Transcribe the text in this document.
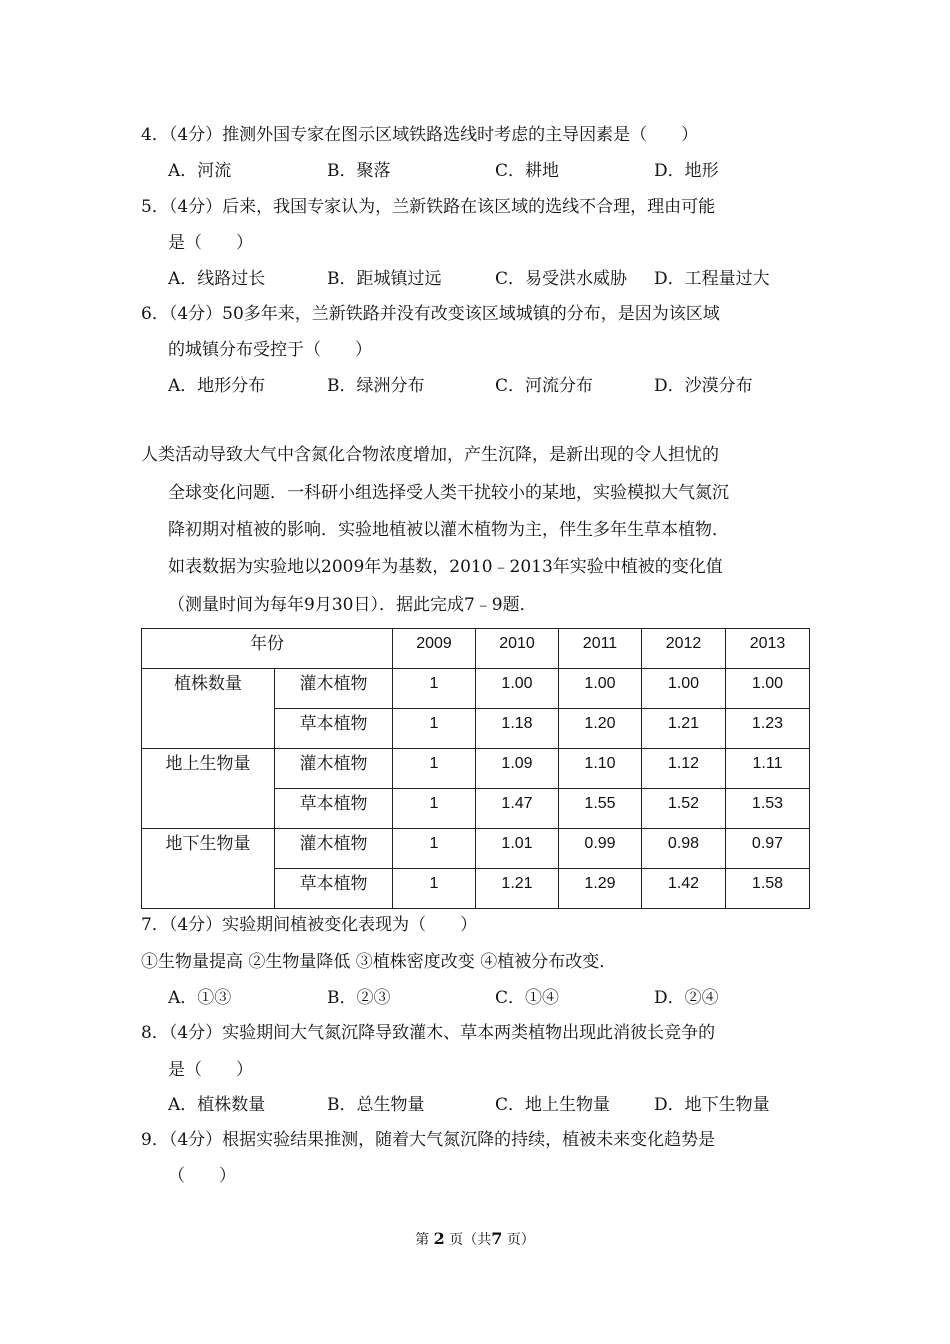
4．（4分）推测外国专家在图示区域铁路选线时考虑的主导因素是（　　）
A．河流	B．聚落	C．耕地	D．地形
5．（4分）后来，我国专家认为，兰新铁路在该区域的选线不合理，理由可能
是（　　）
A．线路过长	B．距城镇过远	C．易受洪水威胁 D．工程量过大
6．（4分）50多年来，兰新铁路并没有改变该区域城镇的分布，是因为该区域
的城镇分布受控于（　　）
A．地形分布	B．绿洲分布	C．河流分布	D．沙漠分布
人类活动导致大气中含氮化合物浓度增加，产生沉降，是新出现的令人担忧的
全球变化问题．一科研小组选择受人类干扰较小的某地，实验模拟大气氮沉
降初期对植被的影响．实验地植被以灌木植物为主，伴生多年生草本植物．
如表数据为实验地以2009年为基数，2010﹣2013年实验中植被的变化值
（测量时间为每年9月30日）．据此完成7﹣9题．
年份		2009	2010	2011	2012	2013
植株数量	灌木植物	1	1.00	1.00	1.00	1.00
	草本植物	1	1.18	1.20	1.21	1.23
地上生物量	灌木植物	1	1.09	1.10	1.12	1.11
	草本植物	1	1.47	1.55	1.52	1.53
地下生物量	灌木植物	1	1.01	0.99	0.98	0.97
	草本植物	1	1.21	1.29	1.42	1.58
7．（4分）实验期间植被变化表现为（　　）
①生物量提高 ②生物量降低 ③植株密度改变 ④植被分布改变．
A．①③	B．②③	C．①④	D．②④
8．（4分）实验期间大气氮沉降导致灌木、草本两类植物出现此消彼长竞争的
是（　　）
A．植株数量	B．总生物量	C．地上生物量	D．地下生物量
9．（4分）根据实验结果推测，随着大气氮沉降的持续，植被未来变化趋势是
（　　）
第 2 页（共7 页）
